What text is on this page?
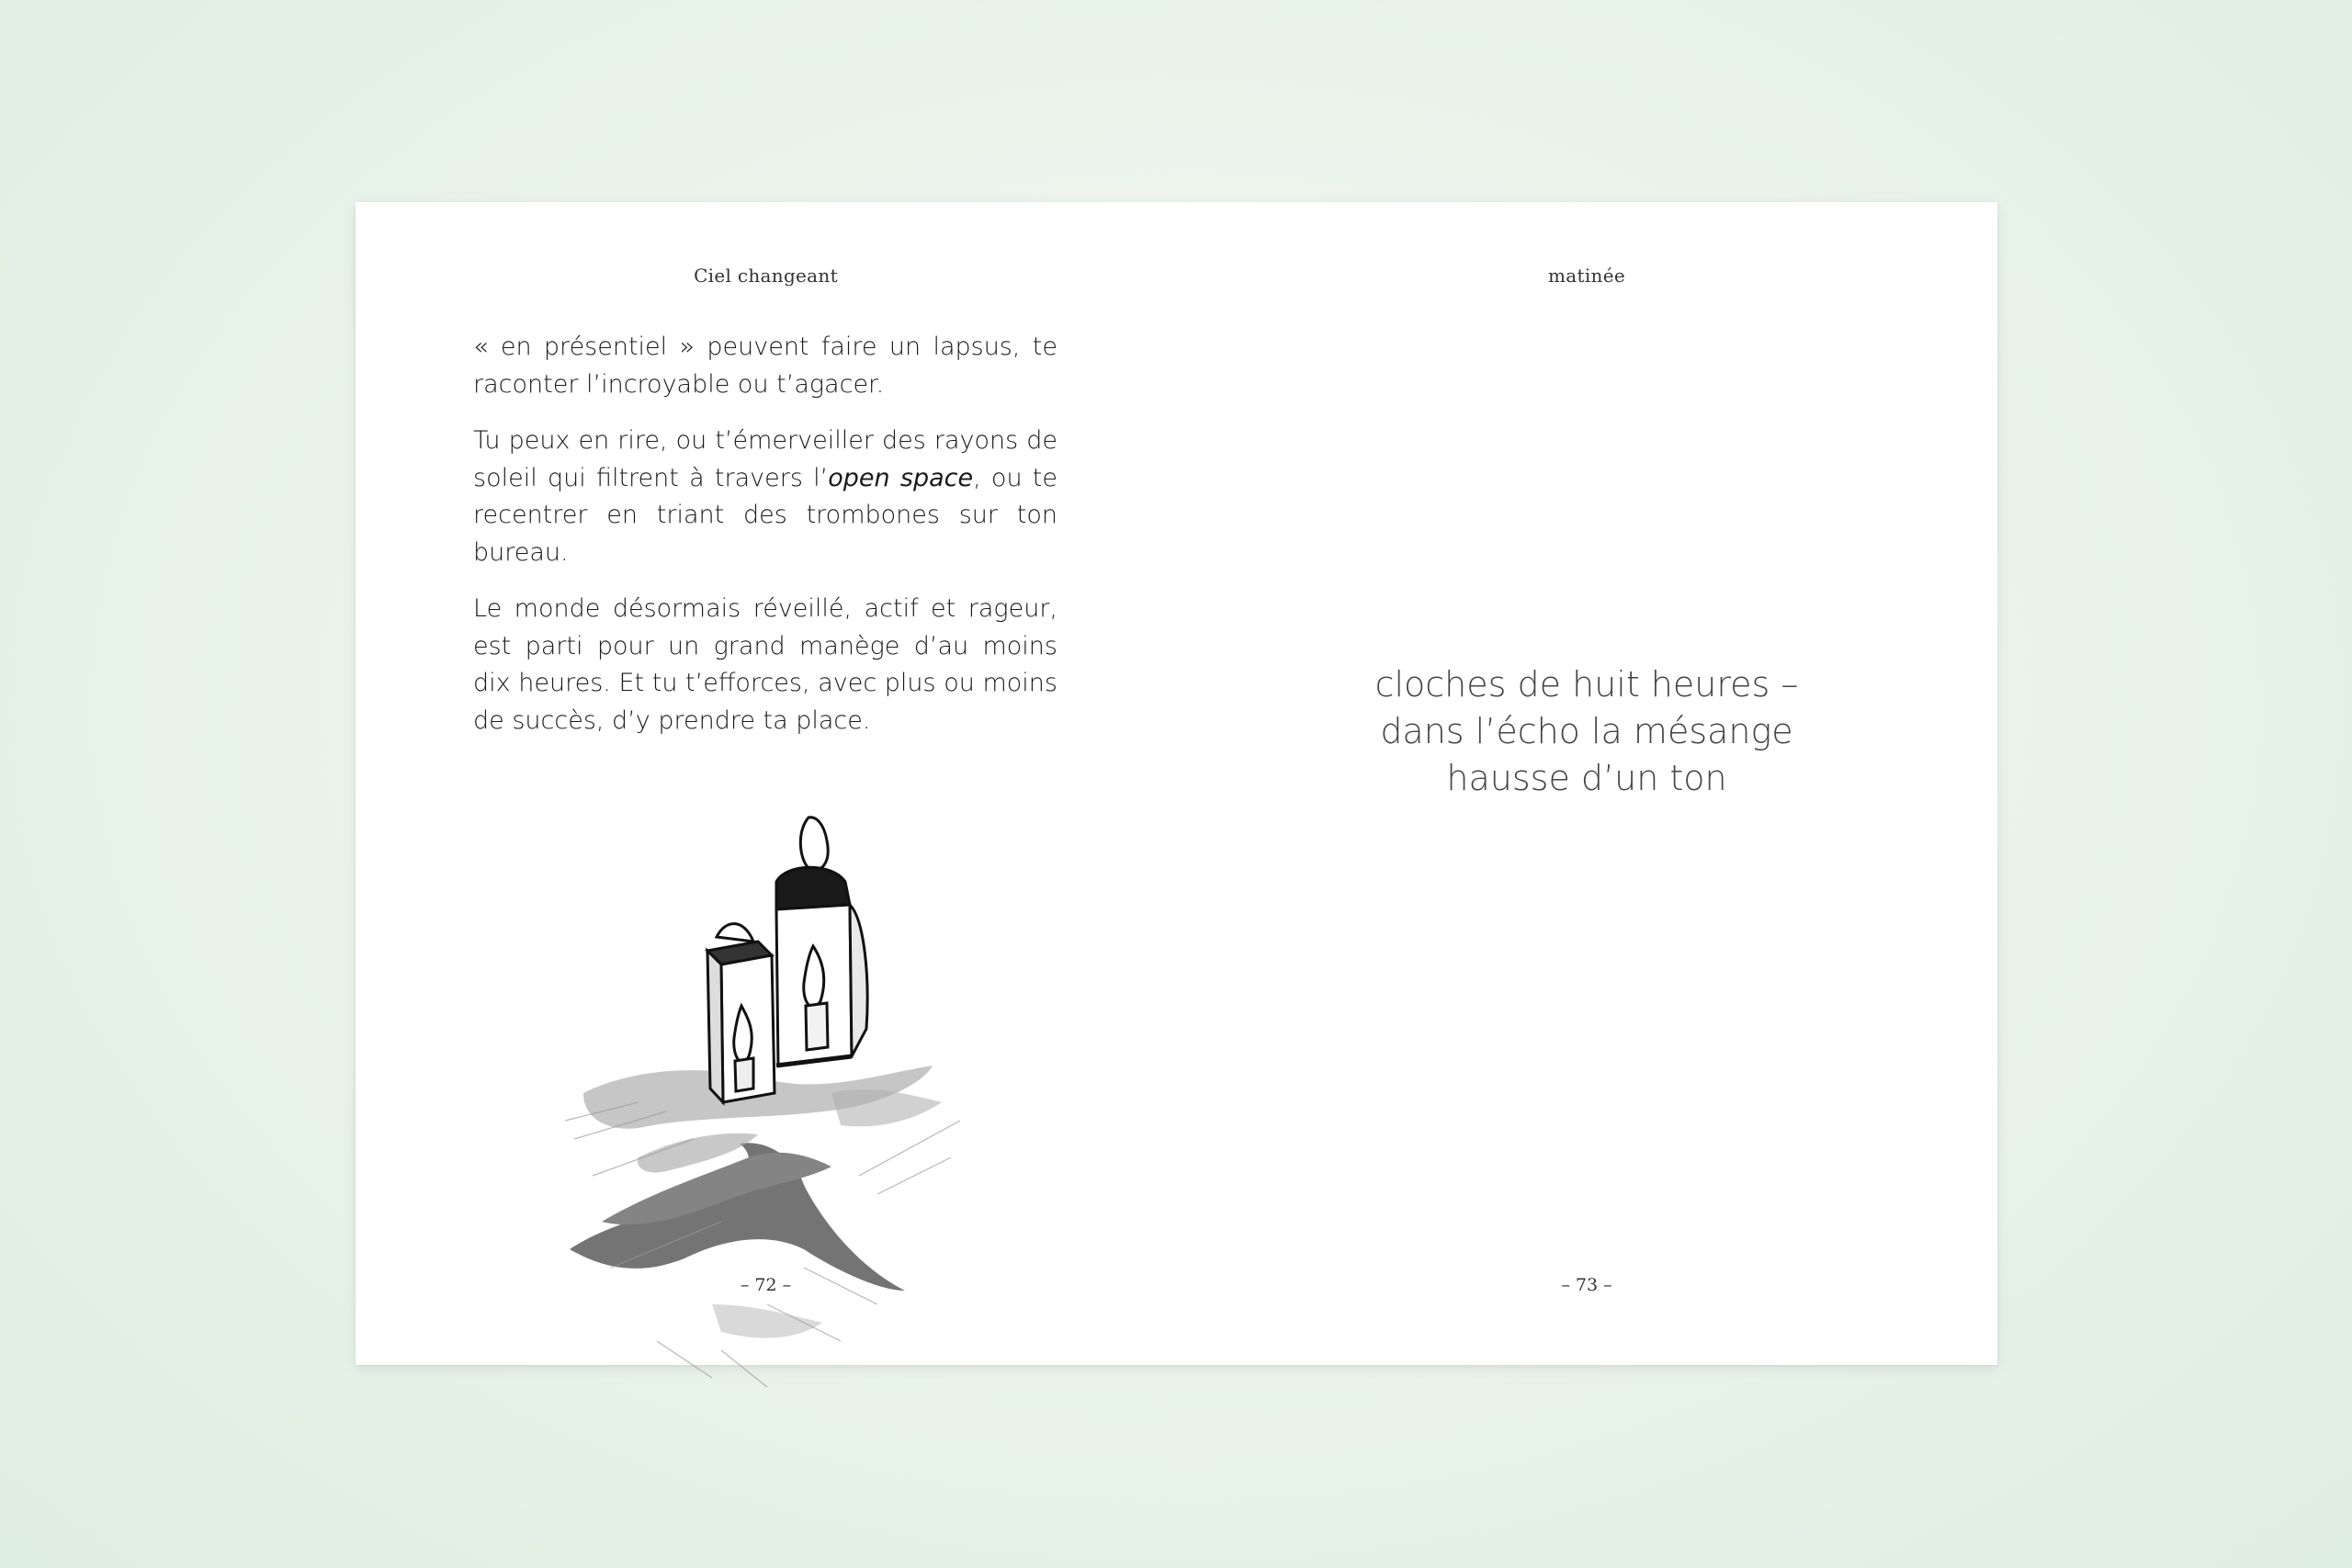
Ciel changeant

« en présentiel » peuvent faire un lapsus, te raconter l’incroyable ou t’agacer.

Tu peux en rire, ou t’émerveiller des rayons de soleil qui filtrent à travers l’open space, ou te recentrer en triant des trombones sur ton bureau.

Le monde désormais réveillé, actif et rageur, est parti pour un grand manège d’au moins dix heures. Et tu t’efforces, avec plus ou moins de succès, d’y prendre ta place.

– 72 –
matinée
cloches de huit heures –
dans l’écho la mésange
hausse d’un ton
– 73 –
